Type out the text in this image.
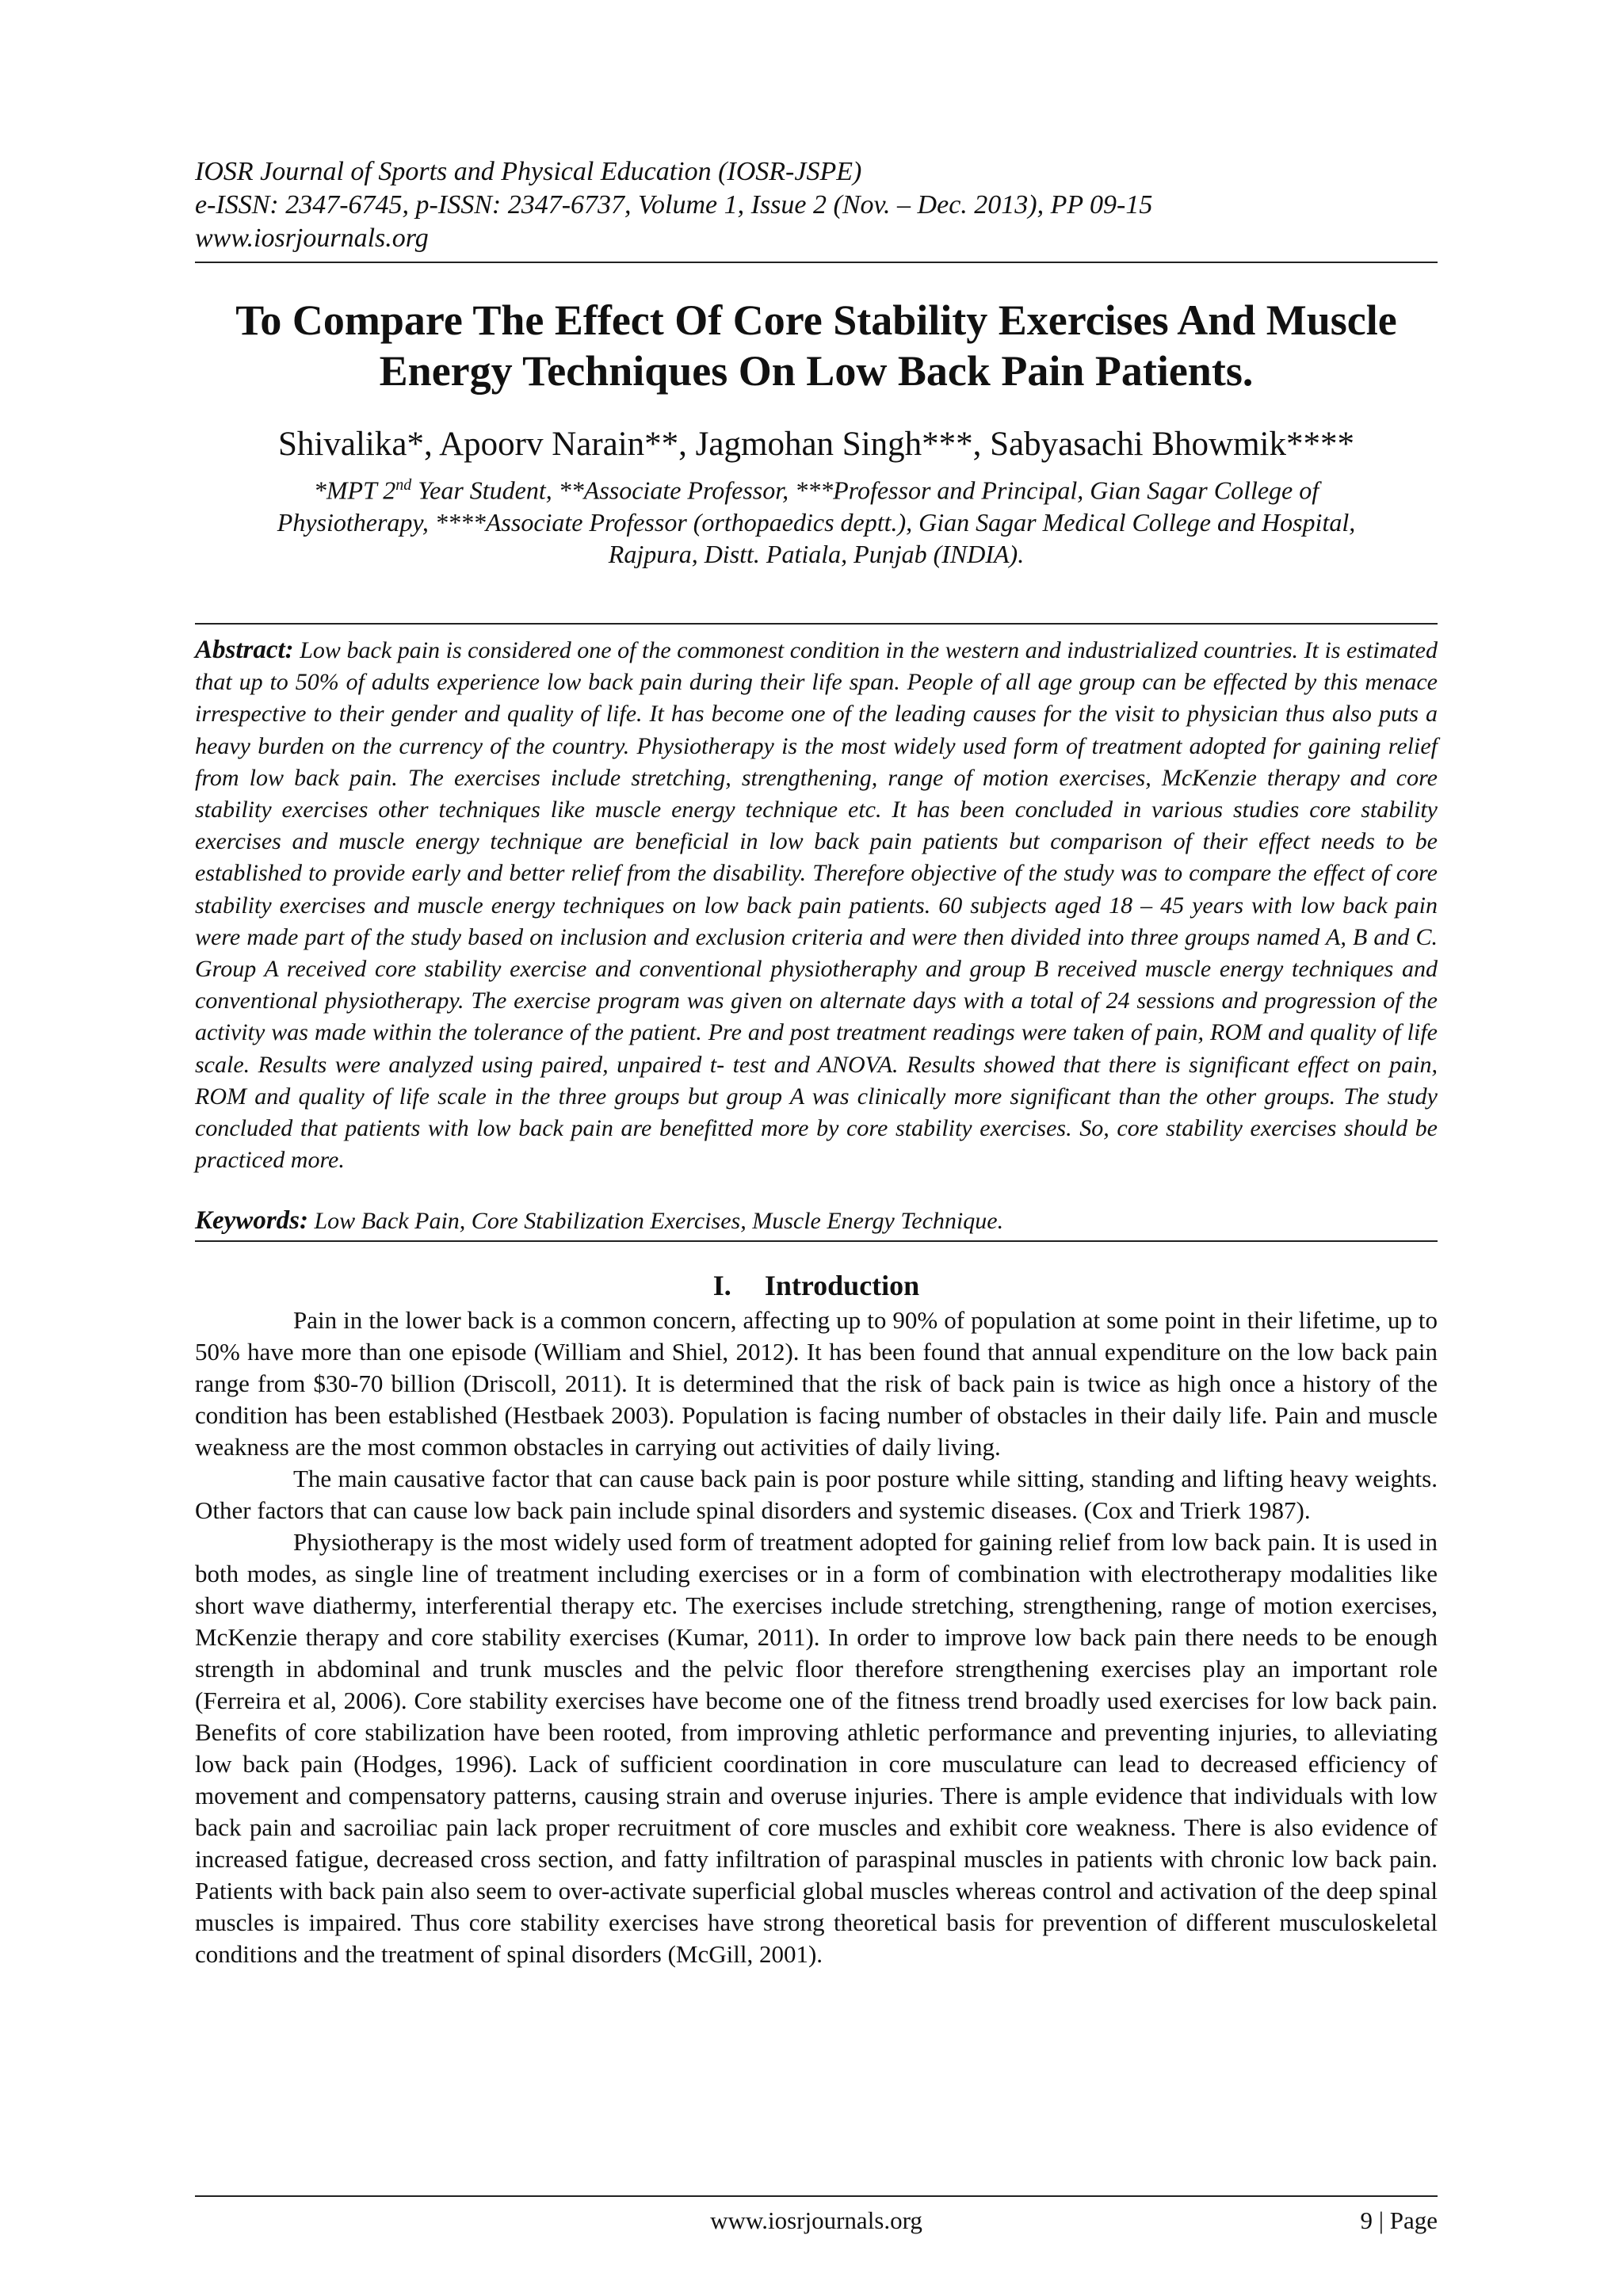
IOSR Journal of Sports and Physical Education (IOSR-JSPE)
e-ISSN: 2347-6745, p-ISSN: 2347-6737, Volume 1, Issue 2 (Nov. – Dec. 2013), PP 09-15
www.iosrjournals.org
To Compare The Effect Of Core Stability Exercises And Muscle
Energy Techniques On Low Back Pain Patients.
Shivalika*, Apoorv Narain**, Jagmohan Singh***, Sabyasachi Bhowmik****
*MPT 2nd Year Student, **Associate Professor, ***Professor and Principal, Gian Sagar College of
Physiotherapy, ****Associate Professor (orthopaedics deptt.), Gian Sagar Medical College and Hospital,
Rajpura, Distt. Patiala, Punjab (INDIA).
Abstract: Low back pain is considered one of the commonest condition in the western and industrialized countries. It is estimated that up to 50% of adults experience low back pain during their life span. People of all age group can be effected by this menace irrespective to their gender and quality of life. It has become one of the leading causes for the visit to physician thus also puts a heavy burden on the currency of the country. Physiotherapy is the most widely used form of treatment adopted for gaining relief from low back pain. The exercises include stretching, strengthening, range of motion exercises, McKenzie therapy and core stability exercises other techniques like muscle energy technique etc. It has been concluded in various studies core stability exercises and muscle energy technique are beneficial in low back pain patients but comparison of their effect needs to be established to provide early and better relief from the disability. Therefore objective of the study was to compare the effect of core stability exercises and muscle energy techniques on low back pain patients. 60 subjects aged 18 – 45 years with low back pain were made part of the study based on inclusion and exclusion criteria and were then divided into three groups named A, B and C. Group A received core stability exercise and conventional physiotheraphy and group B received muscle energy techniques and conventional physiotherapy. The exercise program was given on alternate days with a total of 24 sessions and progression of the activity was made within the tolerance of the patient. Pre and post treatment readings were taken of pain, ROM and quality of life scale. Results were analyzed using paired, unpaired t- test and ANOVA. Results showed that there is significant effect on pain, ROM and quality of life scale in the three groups but group A was clinically more significant than the other groups. The study concluded that patients with low back pain are benefitted more by core stability exercises. So, core stability exercises should be practiced more.
Keywords: Low Back Pain, Core Stabilization Exercises, Muscle Energy Technique.
I. Introduction

Pain in the lower back is a common concern, affecting up to 90% of population at some point in their lifetime, up to 50% have more than one episode (William and Shiel, 2012). It has been found that annual expenditure on the low back pain range from $30-70 billion (Driscoll, 2011). It is determined that the risk of back pain is twice as high once a history of the condition has been established (Hestbaek 2003). Population is facing number of obstacles in their daily life. Pain and muscle weakness are the most common obstacles in carrying out activities of daily living.

The main causative factor that can cause back pain is poor posture while sitting, standing and lifting heavy weights. Other factors that can cause low back pain include spinal disorders and systemic diseases. (Cox and Trierk 1987).

Physiotherapy is the most widely used form of treatment adopted for gaining relief from low back pain. It is used in both modes, as single line of treatment including exercises or in a form of combination with electrotherapy modalities like short wave diathermy, interferential therapy etc. The exercises include stretching, strengthening, range of motion exercises, McKenzie therapy and core stability exercises (Kumar, 2011). In order to improve low back pain there needs to be enough strength in abdominal and trunk muscles and the pelvic floor therefore strengthening exercises play an important role (Ferreira et al, 2006). Core stability exercises have become one of the fitness trend broadly used exercises for low back pain. Benefits of core stabilization have been rooted, from improving athletic performance and preventing injuries, to alleviating low back pain (Hodges, 1996). Lack of sufficient coordination in core musculature can lead to decreased efficiency of movement and compensatory patterns, causing strain and overuse injuries. There is ample evidence that individuals with low back pain and sacroiliac pain lack proper recruitment of core muscles and exhibit core weakness. There is also evidence of increased fatigue, decreased cross section, and fatty infiltration of paraspinal muscles in patients with chronic low back pain. Patients with back pain also seem to over-activate superficial global muscles whereas control and activation of the deep spinal muscles is impaired. Thus core stability exercises have strong theoretical basis for prevention of different musculoskeletal conditions and the treatment of spinal disorders (McGill, 2001).

www.iosrjournals.org	9 | Page
